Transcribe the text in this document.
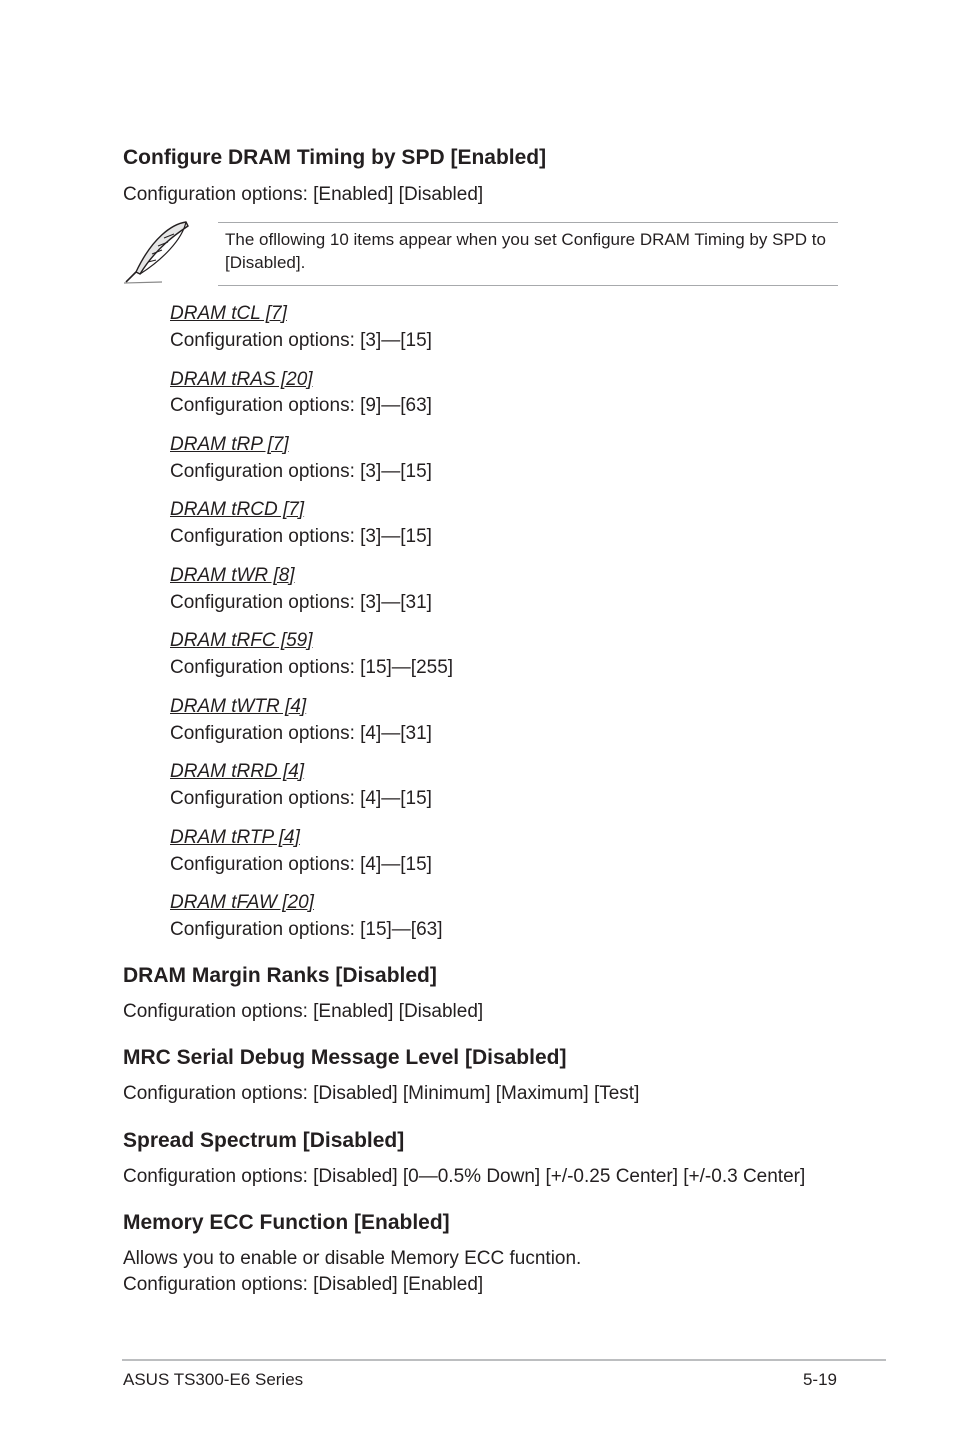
Configure DRAM Timing by SPD [Enabled]
Configuration options: [Enabled] [Disabled]
The ofllowing 10 items appear when you set Configure DRAM Timing by SPD to [Disabled].
DRAM tCL [7]
Configuration options: [3]—[15]
DRAM tRAS [20]
Configuration options: [9]—[63]
DRAM tRP [7]
Configuration options: [3]—[15]
DRAM tRCD [7]
Configuration options: [3]—[15]
DRAM tWR [8]
Configuration options: [3]—[31]
DRAM tRFC [59]
Configuration options: [15]—[255]
DRAM tWTR [4]
Configuration options: [4]—[31]
DRAM tRRD [4]
Configuration options: [4]—[15]
DRAM tRTP [4]
Configuration options: [4]—[15]
DRAM tFAW [20]
Configuration options: [15]—[63]
DRAM Margin Ranks [Disabled]
Configuration options: [Enabled] [Disabled]
MRC Serial Debug Message Level [Disabled]
Configuration options: [Disabled] [Minimum] [Maximum] [Test]
Spread Spectrum [Disabled]
Configuration options: [Disabled] [0—0.5% Down] [+/-0.25 Center] [+/-0.3 Center]
Memory ECC Function [Enabled]
Allows you to enable or disable Memory ECC fucntion.
Configuration options: [Disabled] [Enabled]
ASUS TS300-E6 Series	5-19
